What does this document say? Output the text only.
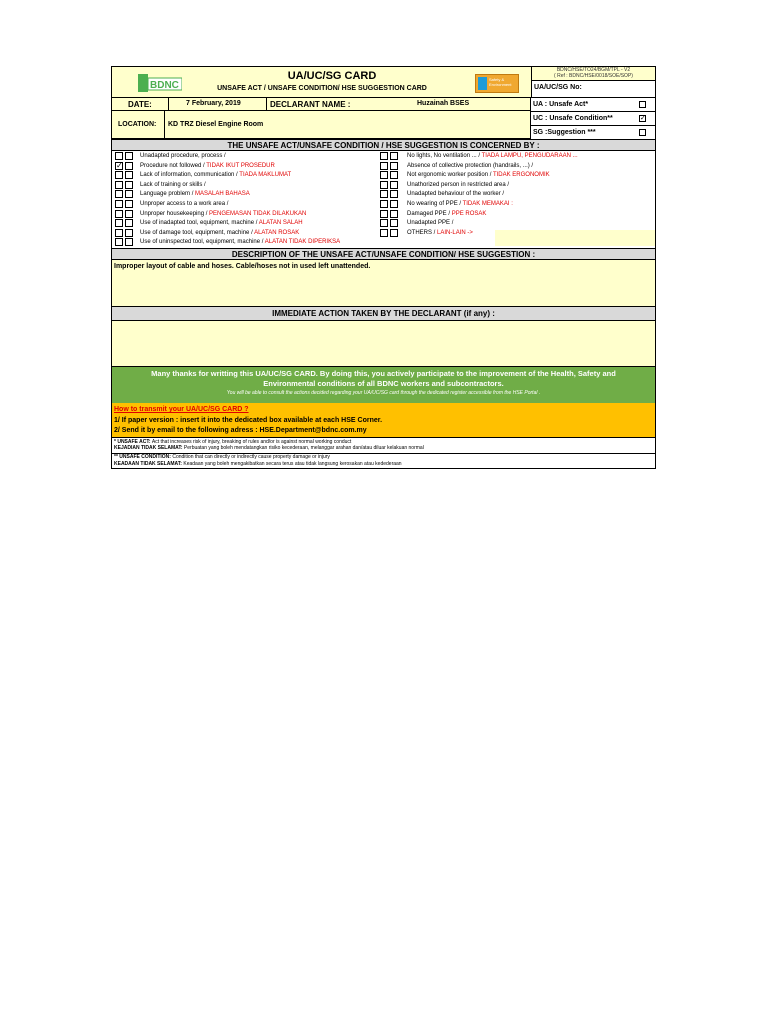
BDNC
UA/UC/SG CARD
UNSAFE ACT / UNSAFE CONDITION/ HSE SUGGESTION CARD
Safety & Environment
BDNC/HSE/TO24/BGM/TPL - V2
( Ref : BDNC/HSE/0018/SOE/SOP)
UA/UC/SG No:
DATE:	7 February, 2019	DECLARANT NAME :	Huzainah BSES
LOCATION: KD TRZ Diesel Engine Room
UA : Unsafe Act*
UC : Unsafe Condition**	✓
SG :Suggestion ***
THE UNSAFE ACT/UNSAFE CONDITION / HSE SUGGESTION IS CONCERNED BY :
Unadapted procedure, process /
✓	Procedure not followed / TIDAK IKUT PROSEDUR
Lack of information, communication / TIADA MAKLUMAT
Lack of training or skills /
Language problem / MASALAH BAHASA
Unproper access to a work area /
Unproper housekeeping / PENGEMASAN TIDAK DILAKUKAN
Use of inadapted tool, equipment, machine / ALATAN SALAH
Use of damage tool, equipment, machine / ALATAN ROSAK
Use of uninspected tool, equipment, machine / ALATAN TIDAK DIPERIKSA
No lights, No ventilation ... / TIADA LAMPU, PENGUDARAAN ...
Absence of collective protection (handrails, ...) /
Not ergonomic worker position / TIDAK ERGONOMIK
Unathorized person in restricted area /
Unadapted behaviour of the worker /
No wearing of PPE / TIDAK MEMAKAI :
Damaged PPE / PPE ROSAK
Unadapted PPE /
OTHERS / LAIN-LAIN ->
DESCRIPTION OF THE UNSAFE ACT/UNSAFE CONDITION/ HSE SUGGESTION :
Improper layout of cable and hoses. Cable/hoses not in used left unattended.
IMMEDIATE ACTION TAKEN BY THE DECLARANT (if any) :
Many thanks for writting this UA/UC/SG CARD. By doing this, you actively participate to the improvement of the Health, Safety and
Environmental conditions of all BDNC workers and subcontractors.
You will be able to consult the actions decided regarding your UA/UC/SG card through the dedicated register accessible from the HSE Portal .
How to transmit your UA/UC/SG CARD ?
1/ If paper version : insert it into the dedicated box available at each HSE Corner.
2/ Send it by email to the following adress : HSE.Department@bdnc.com.my
* UNSAFE ACT: Act that increases risk of injury, breaking of rules and/or is against normal working conduct
KEJADIAN TIDAK SELAMAT: Perbuatan yang boleh mendatangkan risiko kecederaan, melanggar arahan dan/atau diluar kelakuan normal
** UNSAFE CONDITION: Condition that can directly or indirectly cause property damage or injury
KEADAAN TIDAK SELAMAT: Keadaan yang boleh mengakibatkan secara terus atau tidak langsung kerosakan atau kedederaan
